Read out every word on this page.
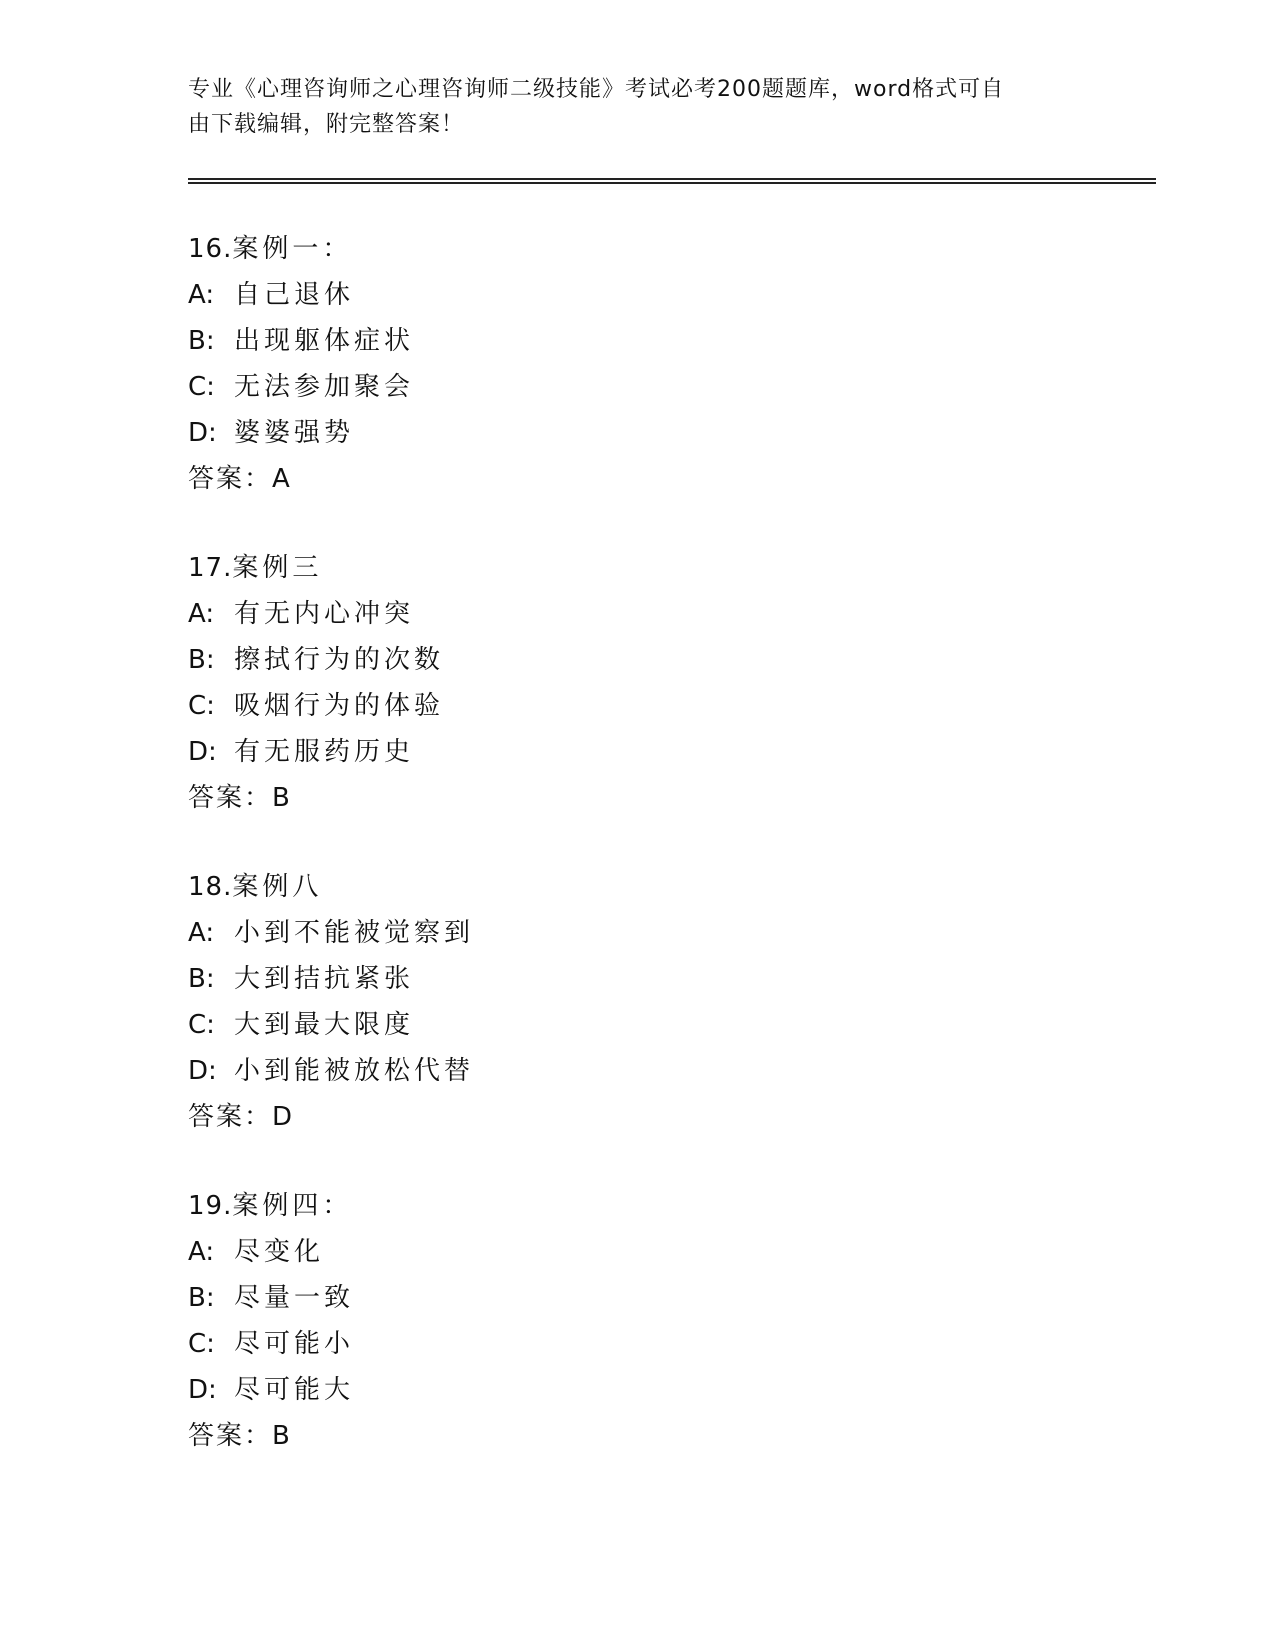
专业《心理咨询师之心理咨询师二级技能》考试必考200题题库，word格式可自
由下载编辑，附完整答案！
16.案例一：
A: 自己退休
B: 出现躯体症状
C: 无法参加聚会
D: 婆婆强势
答案：A
17.案例三
A: 有无内心冲突
B: 擦拭行为的次数
C: 吸烟行为的体验
D: 有无服药历史
答案：B
18.案例八
A: 小到不能被觉察到
B: 大到拮抗紧张
C: 大到最大限度
D: 小到能被放松代替
答案：D
19.案例四：
A: 尽变化
B: 尽量一致
C: 尽可能小
D: 尽可能大
答案：B
